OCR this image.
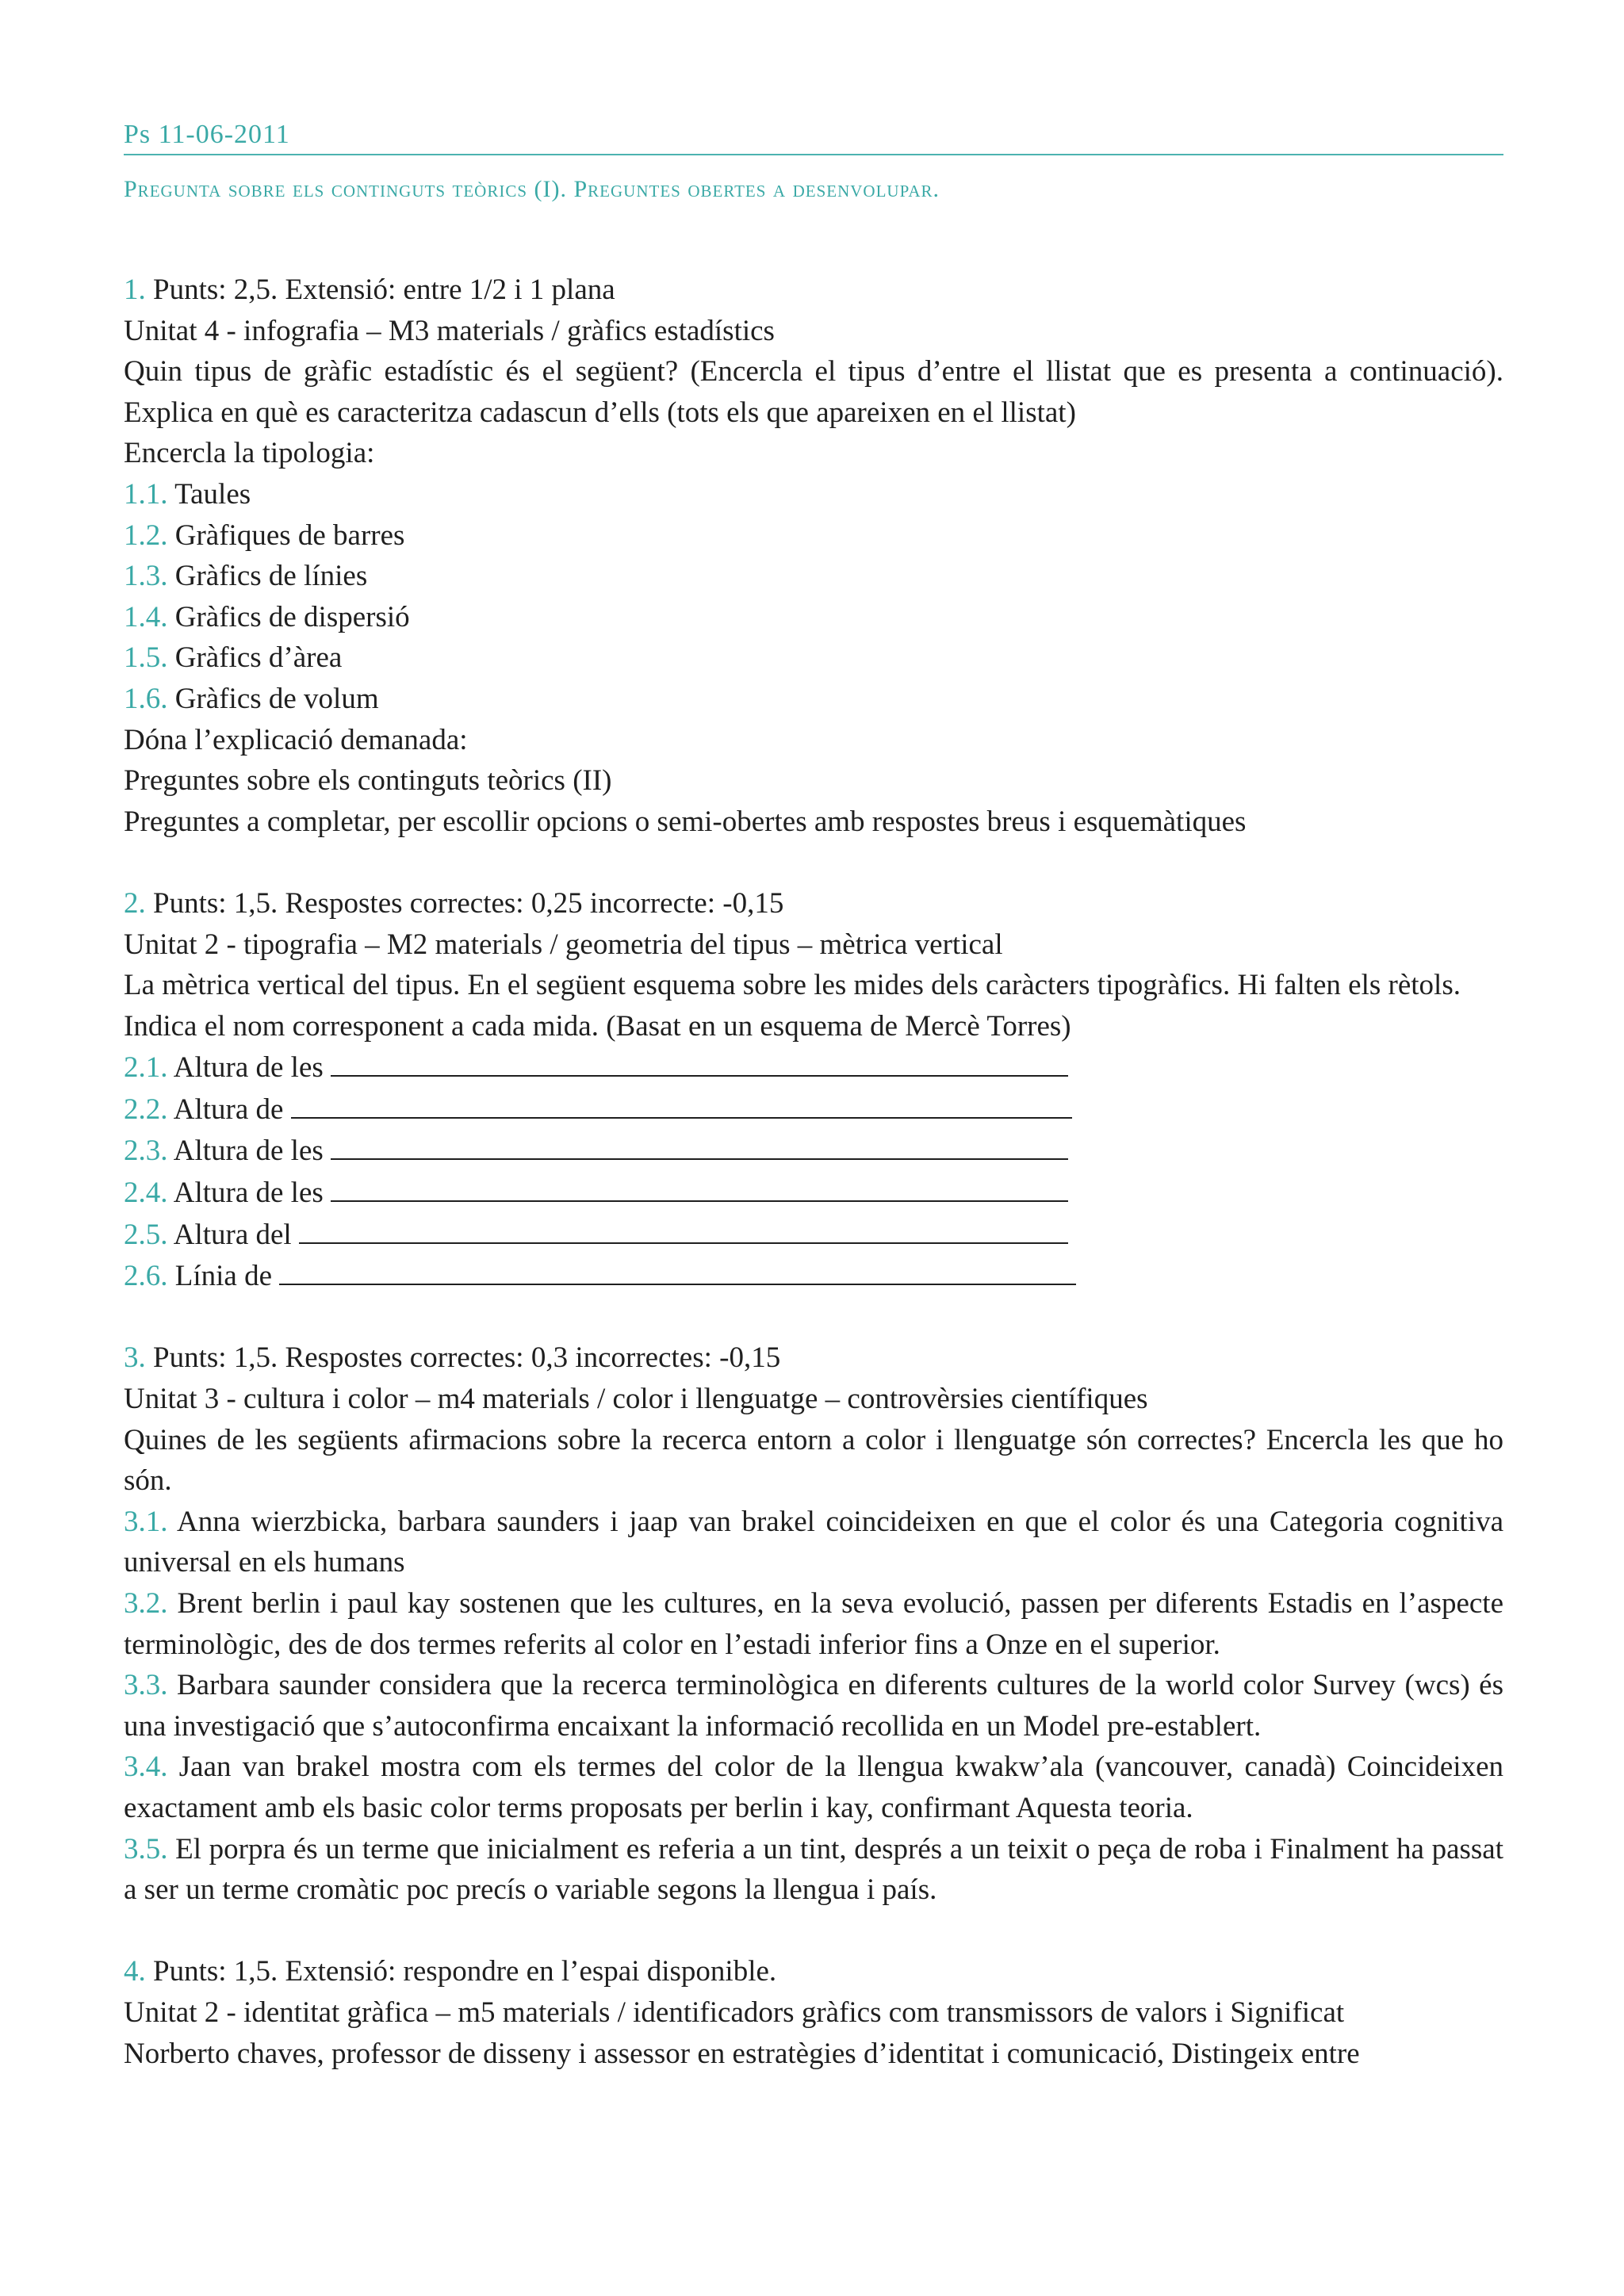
Ps 11-06-2011
Pregunta sobre els continguts teòrics (I). Preguntes obertes a desenvolupar.
1. Punts: 2,5. Extensió: entre 1/2 i 1 plana
Unitat 4 - infografia – M3 materials / gràfics estadístics
Quin tipus de gràfic estadístic és el següent? (Encercla el tipus d’entre el llistat que es presenta a continuació). Explica en què es caracteritza cadascun d’ells (tots els que apareixen en el llistat)
Encercla la tipologia:
1.1. Taules
1.2. Gràfiques de barres
1.3. Gràfics de línies
1.4. Gràfics de dispersió
1.5. Gràfics d’àrea
1.6. Gràfics de volum
Dóna l’explicació demanada:
Preguntes sobre els continguts teòrics (II)
Preguntes a completar, per escollir opcions o semi-obertes amb respostes breus i esquemàtiques
2. Punts: 1,5. Respostes correctes: 0,25 incorrecte: -0,15
Unitat 2 - tipografia – M2 materials / geometria del tipus – mètrica vertical
La mètrica vertical del tipus. En el següent esquema sobre les mides dels caràcters tipogràfics. Hi falten els rètols.
Indica el nom corresponent a cada mida. (Basat en un esquema de Mercè Torres)
2.1. Altura de les
2.2. Altura de
2.3. Altura de les
2.4. Altura de les
2.5. Altura del
2.6. Línia de
3. Punts: 1,5. Respostes correctes: 0,3 incorrectes: -0,15
Unitat 3 - cultura i color – m4 materials / color i llenguatge – controvèrsies científiques
Quines de les següents afirmacions sobre la recerca entorn a color i llenguatge són correctes? Encercla les que ho són.
3.1. Anna wierzbicka, barbara saunders i jaap van brakel coincideixen en que el color és una Categoria cognitiva universal en els humans
3.2. Brent berlin i paul kay sostenen que les cultures, en la seva evolució, passen per diferents Estadis en l’aspecte terminològic, des de dos termes referits al color en l’estadi inferior fins a Onze en el superior.
3.3. Barbara saunder considera que la recerca terminològica en diferents cultures de la world color Survey (wcs) és una investigació que s’autoconfirma encaixant la informació recollida en un Model pre-establert.
3.4. Jaan van brakel mostra com els termes del color de la llengua kwakw’ala (vancouver, canadà) Coincideixen exactament amb els basic color terms proposats per berlin i kay, confirmant Aquesta teoria.
3.5. El porpra és un terme que inicialment es referia a un tint, després a un teixit o peça de roba i Finalment ha passat a ser un terme cromàtic poc precís o variable segons la llengua i país.
4. Punts: 1,5. Extensió: respondre en l’espai disponible.
Unitat 2 - identitat gràfica – m5 materials / identificadors gràfics com transmissors de valors i Significat
Norberto chaves, professor de disseny i assessor en estratègies d’identitat i comunicació, Distingeix entre
